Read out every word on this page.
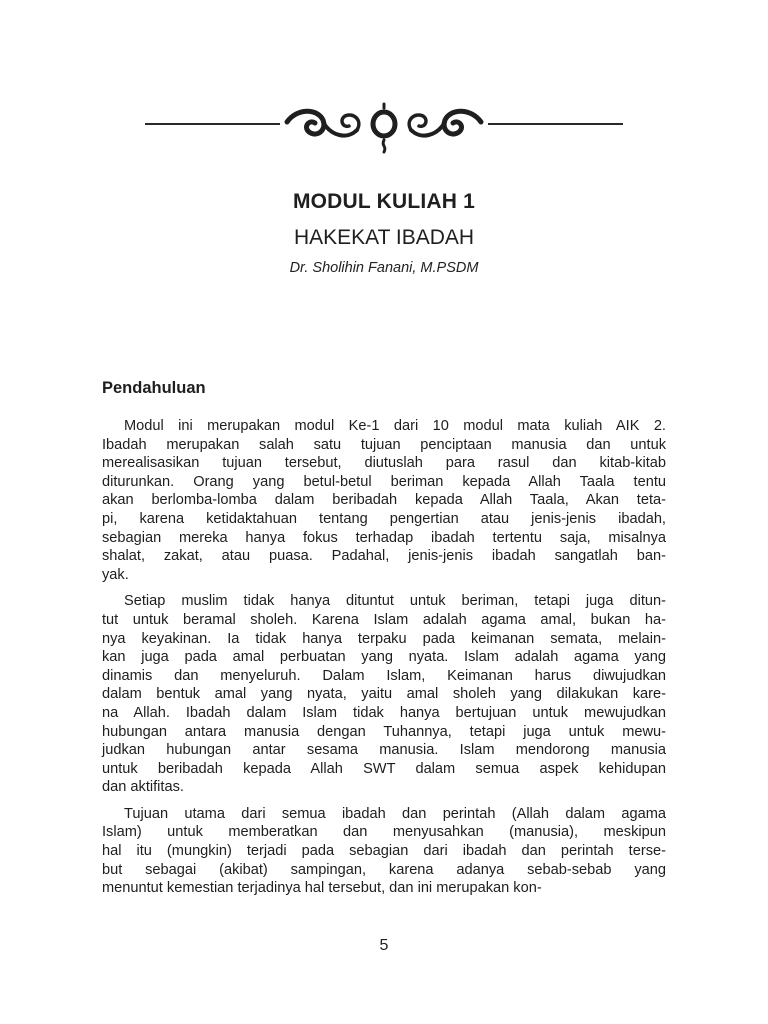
MODUL KULIAH 1
HAKEKAT IBADAH
Dr. Sholihin Fanani, M.PSDM
Pendahuluan
Modul ini merupakan modul Ke-1 dari 10 modul mata kuliah AIK 2.
Ibadah merupakan salah satu tujuan penciptaan manusia dan untuk
merealisasikan tujuan tersebut, diutuslah para rasul dan kitab-kitab
diturunkan. Orang yang betul-betul beriman kepada Allah Taala tentu
akan berlomba-lomba dalam beribadah kepada Allah Taala, Akan teta-
pi, karena ketidaktahuan tentang pengertian atau jenis-jenis ibadah,
sebagian mereka hanya fokus terhadap ibadah tertentu saja, misalnya
shalat, zakat, atau puasa. Padahal, jenis-jenis ibadah sangatlah ban-
yak.
Setiap muslim tidak hanya dituntut untuk beriman, tetapi juga ditun-
tut untuk beramal sholeh. Karena Islam adalah agama amal, bukan ha-
nya keyakinan. Ia tidak hanya terpaku pada keimanan semata, melain-
kan juga pada amal perbuatan yang nyata. Islam adalah agama yang
dinamis dan menyeluruh. Dalam Islam, Keimanan harus diwujudkan
dalam bentuk amal yang nyata, yaitu amal sholeh yang dilakukan kare-
na Allah. Ibadah dalam Islam tidak hanya bertujuan untuk mewujudkan
hubungan antara manusia dengan Tuhannya, tetapi juga untuk mewu-
judkan hubungan antar sesama manusia. Islam mendorong manusia
untuk beribadah kepada Allah SWT dalam semua aspek kehidupan
dan aktifitas.
Tujuan utama dari semua ibadah dan perintah (Allah dalam agama
Islam) untuk memberatkan dan menyusahkan (manusia), meskipun
hal itu (mungkin) terjadi pada sebagian dari ibadah dan perintah terse-
but sebagai (akibat) sampingan, karena adanya sebab-sebab yang
menuntut kemestian terjadinya hal tersebut, dan ini merupakan kon-
5
